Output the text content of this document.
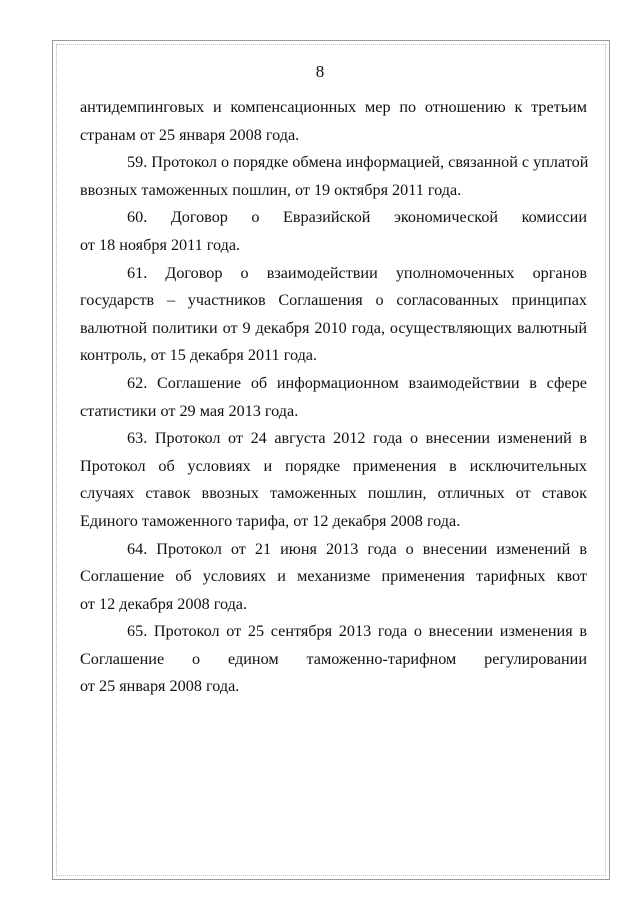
8
антидемпинговых и компенсационных мер по отношению к третьим
странам от 25 января 2008 года.
59. Протокол о порядке обмена информацией, связанной с уплатой
ввозных таможенных пошлин, от 19 октября 2011 года.
60. Договор о Евразийской экономической комиссии
от 18 ноября 2011 года.
61. Договор о взаимодействии уполномоченных органов
государств – участников Соглашения о согласованных принципах
валютной политики от 9 декабря 2010 года, осуществляющих валютный
контроль, от 15 декабря 2011 года.
62. Соглашение об информационном взаимодействии в сфере
статистики от 29 мая 2013 года.
63. Протокол от 24 августа 2012 года о внесении изменений в
Протокол об условиях и порядке применения в исключительных
случаях ставок ввозных таможенных пошлин, отличных от ставок
Единого таможенного тарифа, от 12 декабря 2008 года.
64. Протокол от 21 июня 2013 года о внесении изменений в
Соглашение об условиях и механизме применения тарифных квот
от 12 декабря 2008 года.
65. Протокол от 25 сентября 2013 года о внесении изменения в
Соглашение о едином таможенно-тарифном регулировании
от 25 января 2008 года.
